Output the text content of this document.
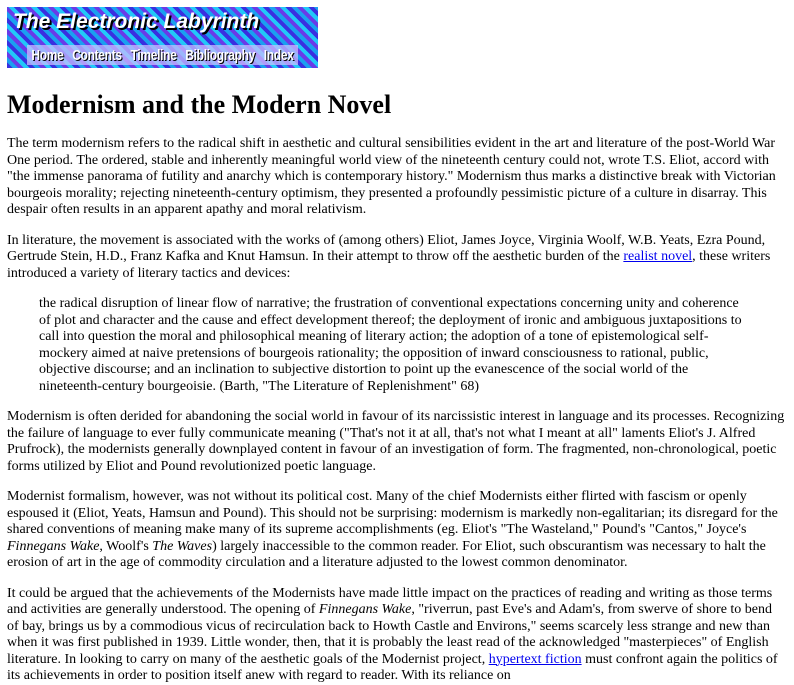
The Electronic Labyrinth
Home Contents Timeline Bibliography Index
Modernism and the Modern Novel

The term modernism refers to the radical shift in aesthetic and cultural sensibilities evident in the art and literature of the post-World War One period. The ordered, stable and inherently meaningful world view of the nineteenth century could not, wrote T.S. Eliot, accord with "the immense panorama of futility and anarchy which is contemporary history." Modernism thus marks a distinctive break with Victorian bourgeois morality; rejecting nineteenth-century optimism, they presented a profoundly pessimistic picture of a culture in disarray. This despair often results in an apparent apathy and moral relativism.

In literature, the movement is associated with the works of (among others) Eliot, James Joyce, Virginia Woolf, W.B. Yeats, Ezra Pound, Gertrude Stein, H.D., Franz Kafka and Knut Hamsun. In their attempt to throw off the aesthetic burden of the realist novel, these writers introduced a variety of literary tactics and devices:

the radical disruption of linear flow of narrative; the frustration of conventional expectations concerning unity and coherence of plot and character and the cause and effect development thereof; the deployment of ironic and ambiguous juxtapositions to call into question the moral and philosophical meaning of literary action; the adoption of a tone of epistemological self-mockery aimed at naive pretensions of bourgeois rationality; the opposition of inward consciousness to rational, public, objective discourse; and an inclination to subjective distortion to point up the evanescence of the social world of the nineteenth-century bourgeoisie. (Barth, "The Literature of Replenishment" 68)

Modernism is often derided for abandoning the social world in favour of its narcissistic interest in language and its processes. Recognizing the failure of language to ever fully communicate meaning ("That's not it at all, that's not what I meant at all" laments Eliot's J. Alfred Prufrock), the modernists generally downplayed content in favour of an investigation of form. The fragmented, non-chronological, poetic forms utilized by Eliot and Pound revolutionized poetic language.

Modernist formalism, however, was not without its political cost. Many of the chief Modernists either flirted with fascism or openly espoused it (Eliot, Yeats, Hamsun and Pound). This should not be surprising: modernism is markedly non-egalitarian; its disregard for the shared conventions of meaning make many of its supreme accomplishments (eg. Eliot's "The Wasteland," Pound's "Cantos," Joyce's Finnegans Wake, Woolf's The Waves) largely inaccessible to the common reader. For Eliot, such obscurantism was necessary to halt the erosion of art in the age of commodity circulation and a literature adjusted to the lowest common denominator.

It could be argued that the achievements of the Modernists have made little impact on the practices of reading and writing as those terms and activities are generally understood. The opening of Finnegans Wake, "riverrun, past Eve's and Adam's, from swerve of shore to bend of bay, brings us by a commodious vicus of recirculation back to Howth Castle and Environs," seems scarcely less strange and new than when it was first published in 1939. Little wonder, then, that it is probably the least read of the acknowledged "masterpieces" of English literature. In looking to carry on many of the aesthetic goals of the Modernist project, hypertext fiction must confront again the politics of its achievements in order to position itself anew with regard to reader. With its reliance on
